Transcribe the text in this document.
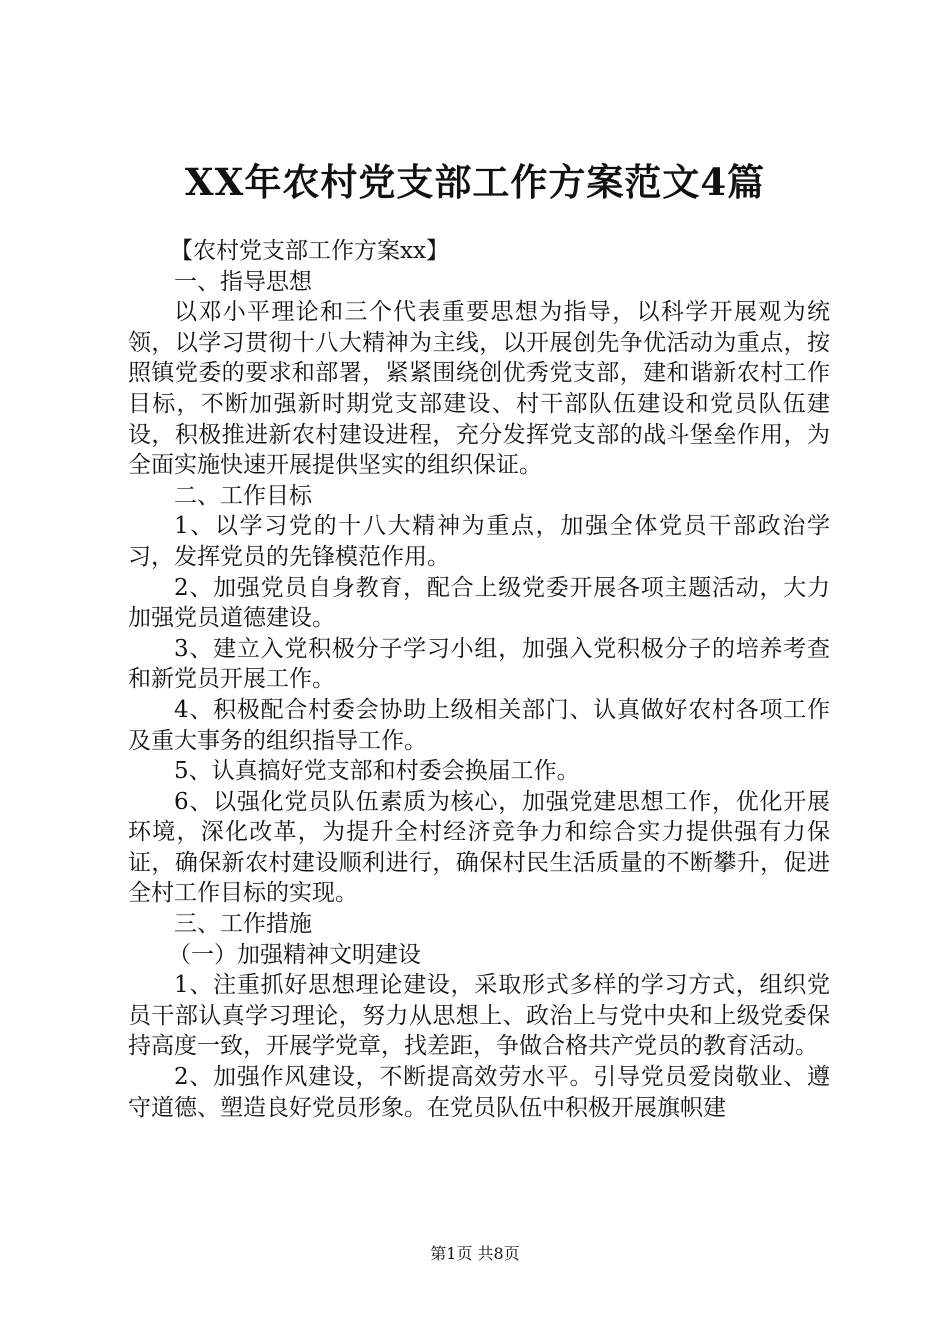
XX年农村党支部工作方案范文4篇

【农村党支部工作方案xx】

一、指导思想

以邓小平理论和三个代表重要思想为指导，以科学开展观为统领，以学习贯彻十八大精神为主线，以开展创先争优活动为重点，按照镇党委的要求和部署，紧紧围绕创优秀党支部，建和谐新农村工作目标，不断加强新时期党支部建设、村干部队伍建设和党员队伍建设，积极推进新农村建设进程，充分发挥党支部的战斗堡垒作用，为全面实施快速开展提供坚实的组织保证。

二、工作目标

1、以学习党的十八大精神为重点，加强全体党员干部政治学习，发挥党员的先锋模范作用。

2、加强党员自身教育，配合上级党委开展各项主题活动，大力加强党员道德建设。

3、建立入党积极分子学习小组，加强入党积极分子的培养考查和新党员开展工作。

4、积极配合村委会协助上级相关部门、认真做好农村各项工作及重大事务的组织指导工作。

5、认真搞好党支部和村委会换届工作。

6、以强化党员队伍素质为核心，加强党建思想工作，优化开展环境，深化改革，为提升全村经济竞争力和综合实力提供强有力保证，确保新农村建设顺利进行，确保村民生活质量的不断攀升，促进全村工作目标的实现。

三、工作措施

（一）加强精神文明建设

1、注重抓好思想理论建设，采取形式多样的学习方式，组织党员干部认真学习理论，努力从思想上、政治上与党中央和上级党委保持高度一致，开展学党章，找差距，争做合格共产党员的教育活动。

2、加强作风建设，不断提高效劳水平。引导党员爱岗敬业、遵守道德、塑造良好党员形象。在党员队伍中积极开展旗帜建

第1页 共8页
